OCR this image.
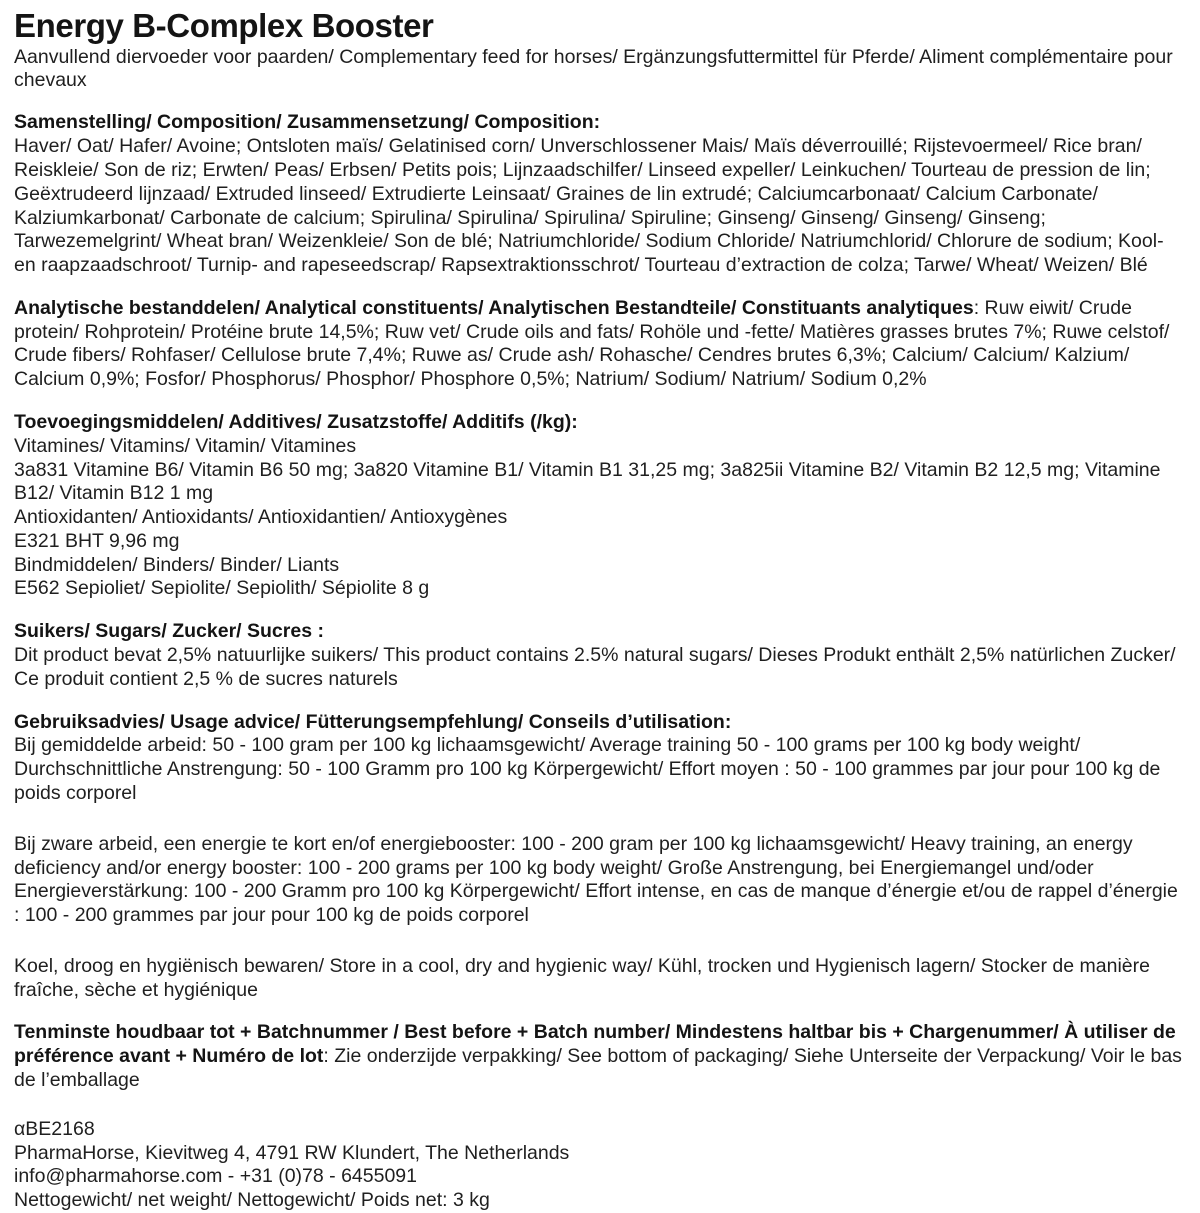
Energy B-Complex Booster

Aanvullend diervoeder voor paarden/ Complementary feed for horses/ Ergänzungsfuttermittel für Pferde/ Aliment complémentaire pour chevaux

Samenstelling/ Composition/ Zusammensetzung/ Composition:
Haver/ Oat/ Hafer/ Avoine; Ontsloten maïs/ Gelatinised corn/ Unverschlossener Mais/ Maïs déverrouillé; Rijstevoermeel/ Rice bran/ Reiskleie/ Son de riz; Erwten/ Peas/ Erbsen/ Petits pois; Lijnzaadschilfer/ Linseed expeller/ Leinkuchen/ Tourteau de pression de lin; Geëxtrudeerd lijnzaad/ Extruded linseed/ Extrudierte Leinsaat/ Graines de lin extrudé; Calciumcarbonaat/ Calcium Carbonate/ Kalziumkarbonat/ Carbonate de calcium; Spirulina/ Spirulina/ Spirulina/ Spiruline; Ginseng/ Ginseng/ Ginseng/ Ginseng; Tarwezemelgrint/ Wheat bran/ Weizenkleie/ Son de blé; Natriumchloride/ Sodium Chloride/ Natriumchlorid/ Chlorure de sodium; Kool- en raapzaadschroot/ Turnip- and rapeseedscrap/ Rapsextraktionsschrot/ Tourteau d’extraction de colza; Tarwe/ Wheat/ Weizen/ Blé
Analytische bestanddelen/ Analytical constituents/ Analytischen Bestandteile/ Constituants analytiques: Ruw eiwit/ Crude protein/ Rohprotein/ Protéine brute 14,5%; Ruw vet/ Crude oils and fats/ Rohöle und -fette/ Matières grasses brutes 7%; Ruwe celstof/ Crude fibers/ Rohfaser/ Cellulose brute 7,4%; Ruwe as/ Crude ash/ Rohasche/ Cendres brutes 6,3%; Calcium/ Calcium/ Kalzium/ Calcium 0,9%; Fosfor/ Phosphorus/ Phosphor/ Phosphore 0,5%; Natrium/ Sodium/ Natrium/ Sodium 0,2%
Toevoegingsmiddelen/ Additives/ Zusatzstoffe/ Additifs (/kg):
Vitamines/ Vitamins/ Vitamin/ Vitamines
3a831 Vitamine B6/ Vitamin B6 50 mg; 3a820 Vitamine B1/ Vitamin B1 31,25 mg; 3a825ii Vitamine B2/ Vitamin B2 12,5 mg; Vitamine B12/ Vitamin B12 1 mg
Antioxidanten/ Antioxidants/ Antioxidantien/ Antioxygènes
E321 BHT 9,96 mg
Bindmiddelen/ Binders/ Binder/ Liants
E562 Sepioliet/ Sepiolite/ Sepiolith/ Sépiolite 8 g
Suikers/ Sugars/ Zucker/ Sucres :
Dit product bevat 2,5% natuurlijke suikers/ This product contains 2.5% natural sugars/ Dieses Produkt enthält 2,5% natürlichen Zucker/ Ce produit contient 2,5 % de sucres naturels
Gebruiksadvies/ Usage advice/ Fütterungsempfehlung/ Conseils d’utilisation:
Bij gemiddelde arbeid: 50 - 100 gram per 100 kg lichaamsgewicht/ Average training 50 - 100 grams per 100 kg body weight/ Durchschnittliche Anstrengung: 50 - 100 Gramm pro 100 kg Körpergewicht/ Effort moyen : 50 - 100 grammes par jour pour 100 kg de poids corporel
Bij zware arbeid, een energie te kort en/of energiebooster: 100 - 200 gram per 100 kg lichaamsgewicht/ Heavy training, an energy deficiency and/or energy booster: 100 - 200 grams per 100 kg body weight/ Große Anstrengung, bei Energiemangel und/oder Energieverstärkung: 100 - 200 Gramm pro 100 kg Körpergewicht/ Effort intense, en cas de manque d’énergie et/ou de rappel d’énergie : 100 - 200 grammes par jour pour 100 kg de poids corporel
Koel, droog en hygiënisch bewaren/ Store in a cool, dry and hygienic way/ Kühl, trocken und Hygienisch lagern/ Stocker de manière fraîche, sèche et hygiénique
Tenminste houdbaar tot + Batchnummer / Best before + Batch number/ Mindestens haltbar bis + Chargenummer/ À utiliser de préférence avant + Numéro de lot: Zie onderzijde verpakking/ See bottom of packaging/ Siehe Unterseite der Verpackung/ Voir le bas de l’emballage
αBE2168
PharmaHorse, Kievitweg 4, 4791 RW Klundert, The Netherlands
info@pharmahorse.com - +31 (0)78 - 6455091
Nettogewicht/ net weight/ Nettogewicht/ Poids net: 3 kg
